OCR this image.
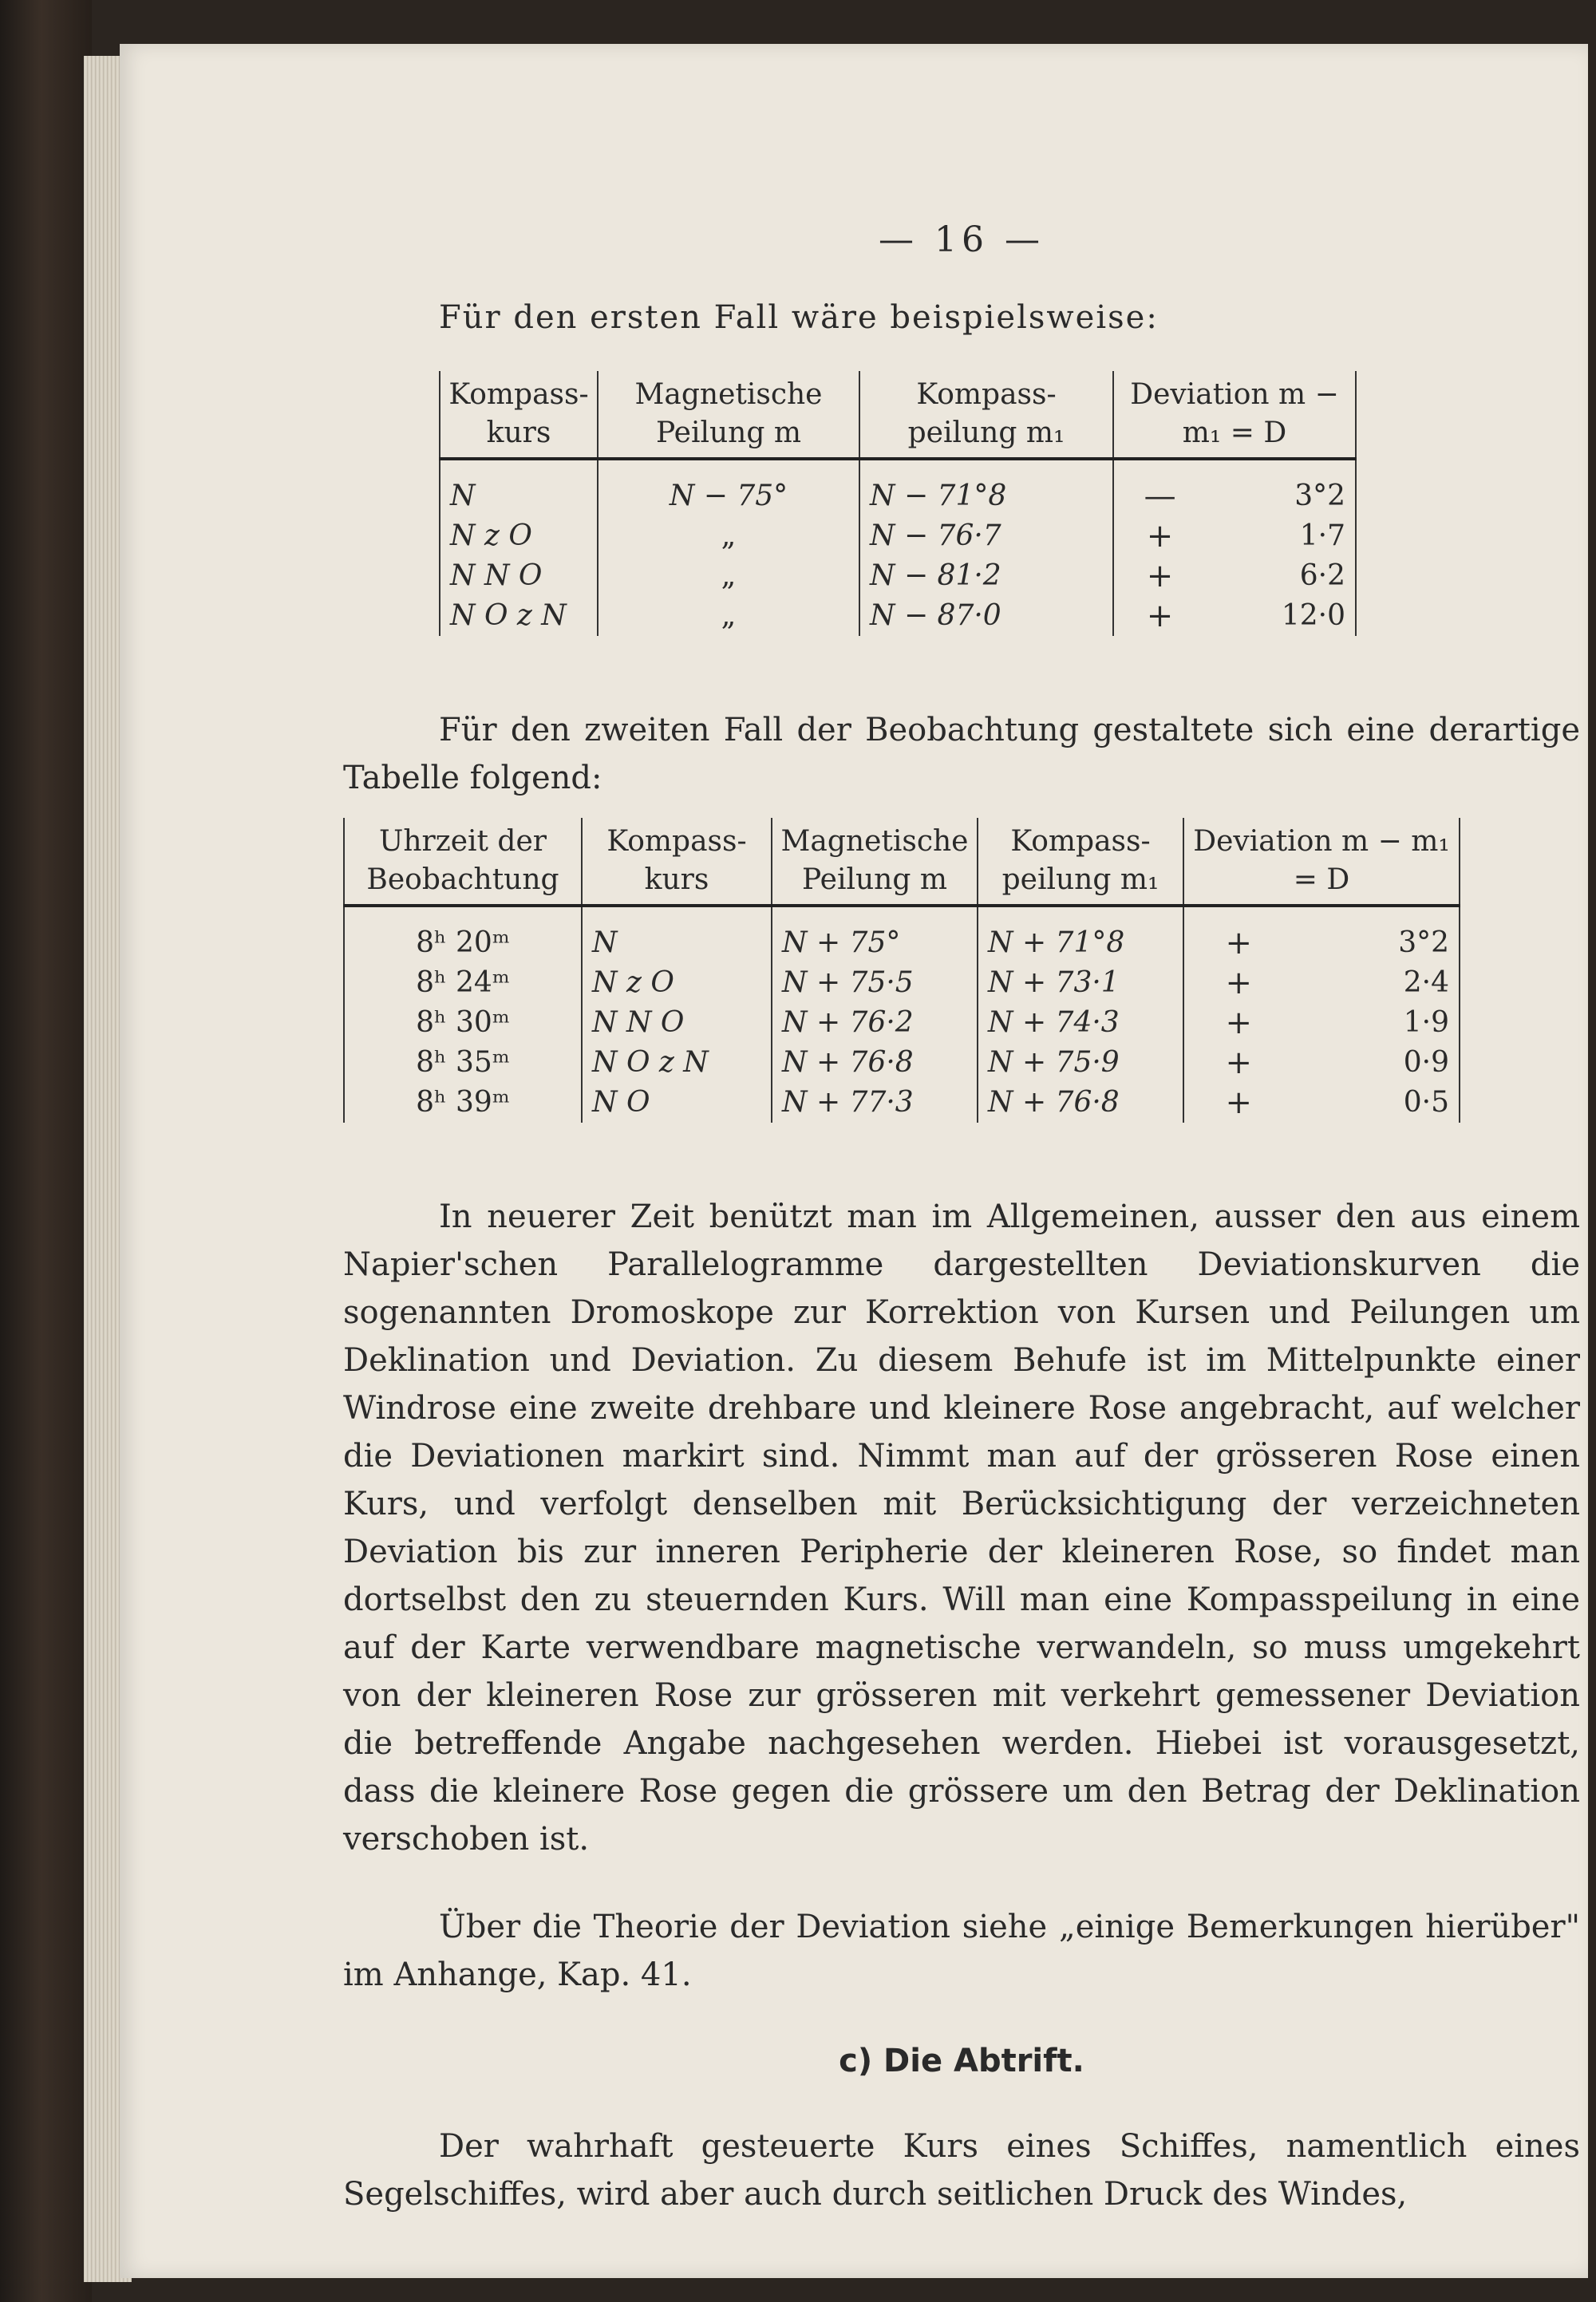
— 16 —
Für den ersten Fall wäre beispielsweise:
Kompass-kurs	Magnetische Peilung m	Kompass-peilung m₁	Deviation m − m₁ = D	
N	N − 75°	N − 71°8	—	3°2
N z O	„	N − 76·7	+	1·7
N N O	„	N − 81·2	+	6·2
N O z N	„	N − 87·0	+	12·0
Für den zweiten Fall der Beobachtung gestaltete sich eine derartige Tabelle folgend:
Uhrzeit der Beobachtung	Kompass-kurs	Magnetische Peilung m	Kompass-peilung m₁	Deviation m − m₁ = D	
8ʰ 20ᵐ	N	N + 75°	N + 71°8	+	3°2
8ʰ 24ᵐ	N z O	N + 75·5	N + 73·1	+	2·4
8ʰ 30ᵐ	N N O	N + 76·2	N + 74·3	+	1·9
8ʰ 35ᵐ	N O z N	N + 76·8	N + 75·9	+	0·9
8ʰ 39ᵐ	N O	N + 77·3	N + 76·8	+	0·5
In neuerer Zeit benützt man im Allgemeinen, ausser den aus einem Napier'schen Parallelogramme dargestellten Deviationskurven die sogenannten Dromoskope zur Korrektion von Kursen und Peilungen um Deklination und Deviation. Zu diesem Behufe ist im Mittelpunkte einer Windrose eine zweite drehbare und kleinere Rose angebracht, auf welcher die Deviationen markirt sind. Nimmt man auf der grösseren Rose einen Kurs, und verfolgt denselben mit Berücksichtigung der verzeichneten Deviation bis zur inneren Peripherie der kleineren Rose, so findet man dortselbst den zu steuernden Kurs. Will man eine Kompasspeilung in eine auf der Karte verwendbare magnetische verwandeln, so muss umgekehrt von der kleineren Rose zur grösseren mit verkehrt gemessener Deviation die betreffende Angabe nachgesehen werden. Hiebei ist vorausgesetzt, dass die kleinere Rose gegen die grössere um den Betrag der Deklination verschoben ist.
Über die Theorie der Deviation siehe „einige Bemerkungen hierüber" im Anhange, Kap. 41.
c) Die Abtrift.
Der wahrhaft gesteuerte Kurs eines Schiffes, namentlich eines Segelschiffes, wird aber auch durch seitlichen Druck des Windes,
